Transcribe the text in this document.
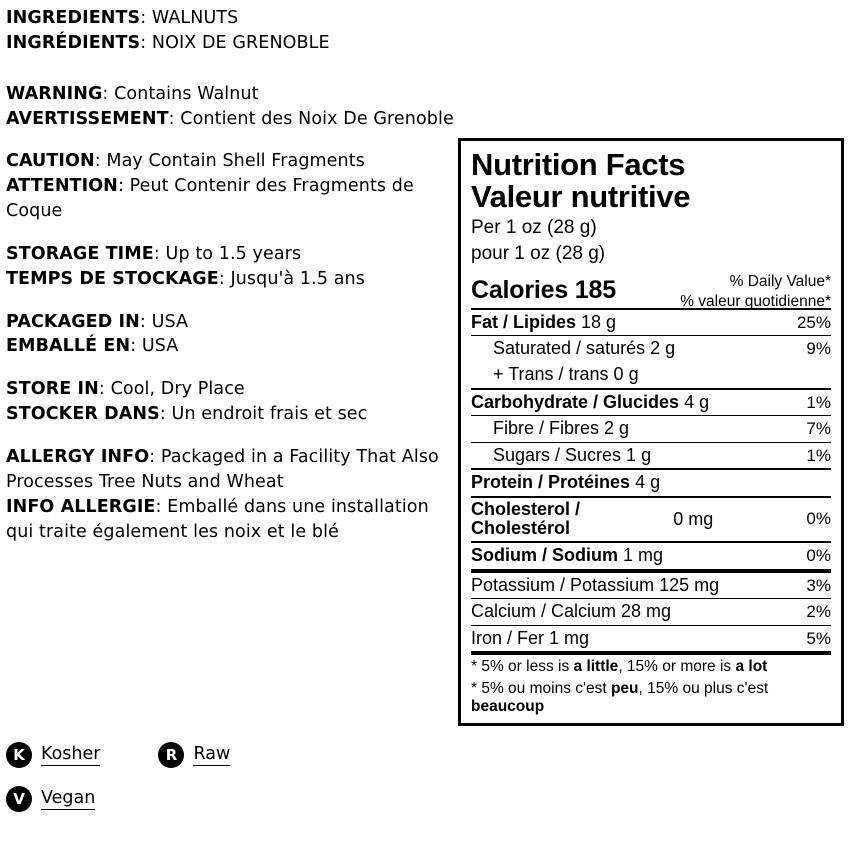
INGREDIENTS: WALNUTS
INGRÉDIENTS: NOIX DE GRENOBLE
WARNING: Contains Walnut
AVERTISSEMENT: Contient des Noix De Grenoble
CAUTION: May Contain Shell Fragments
ATTENTION: Peut Contenir des Fragments de Coque
STORAGE TIME: Up to 1.5 years
TEMPS DE STOCKAGE: Jusqu'à 1.5 ans
PACKAGED IN: USA
EMBALLÉ EN: USA
STORE IN: Cool, Dry Place
STOCKER DANS: Un endroit frais et sec
ALLERGY INFO: Packaged in a Facility That Also Processes Tree Nuts and Wheat
INFO ALLERGIE: Emballé dans une installation qui traite également les noix et le blé
K Kosher	R Raw
V Vegan
Nutrition Facts
Valeur nutritive
Per 1 oz (28 g)
pour 1 oz (28 g)
% Daily Value*
% valeur quotidienne*
Calories 185
Fat / Lipides 18 g	25%
Saturated / saturés 2 g	9%
+ Trans / trans 0 g
Carbohydrate / Glucides 4 g	1%
Fibre / Fibres 2 g	7%
Sugars / Sucres 1 g	1%
Protein / Protéines 4 g
Cholesterol /
Cholestérol	0 mg	0%
Sodium / Sodium 1 mg	0%
Potassium / Potassium 125 mg	3%
Calcium / Calcium 28 mg	2%
Iron / Fer 1 mg	5%
* 5% or less is a little, 15% or more is a lot
* 5% ou moins c'est peu, 15% ou plus c'est beaucoup
